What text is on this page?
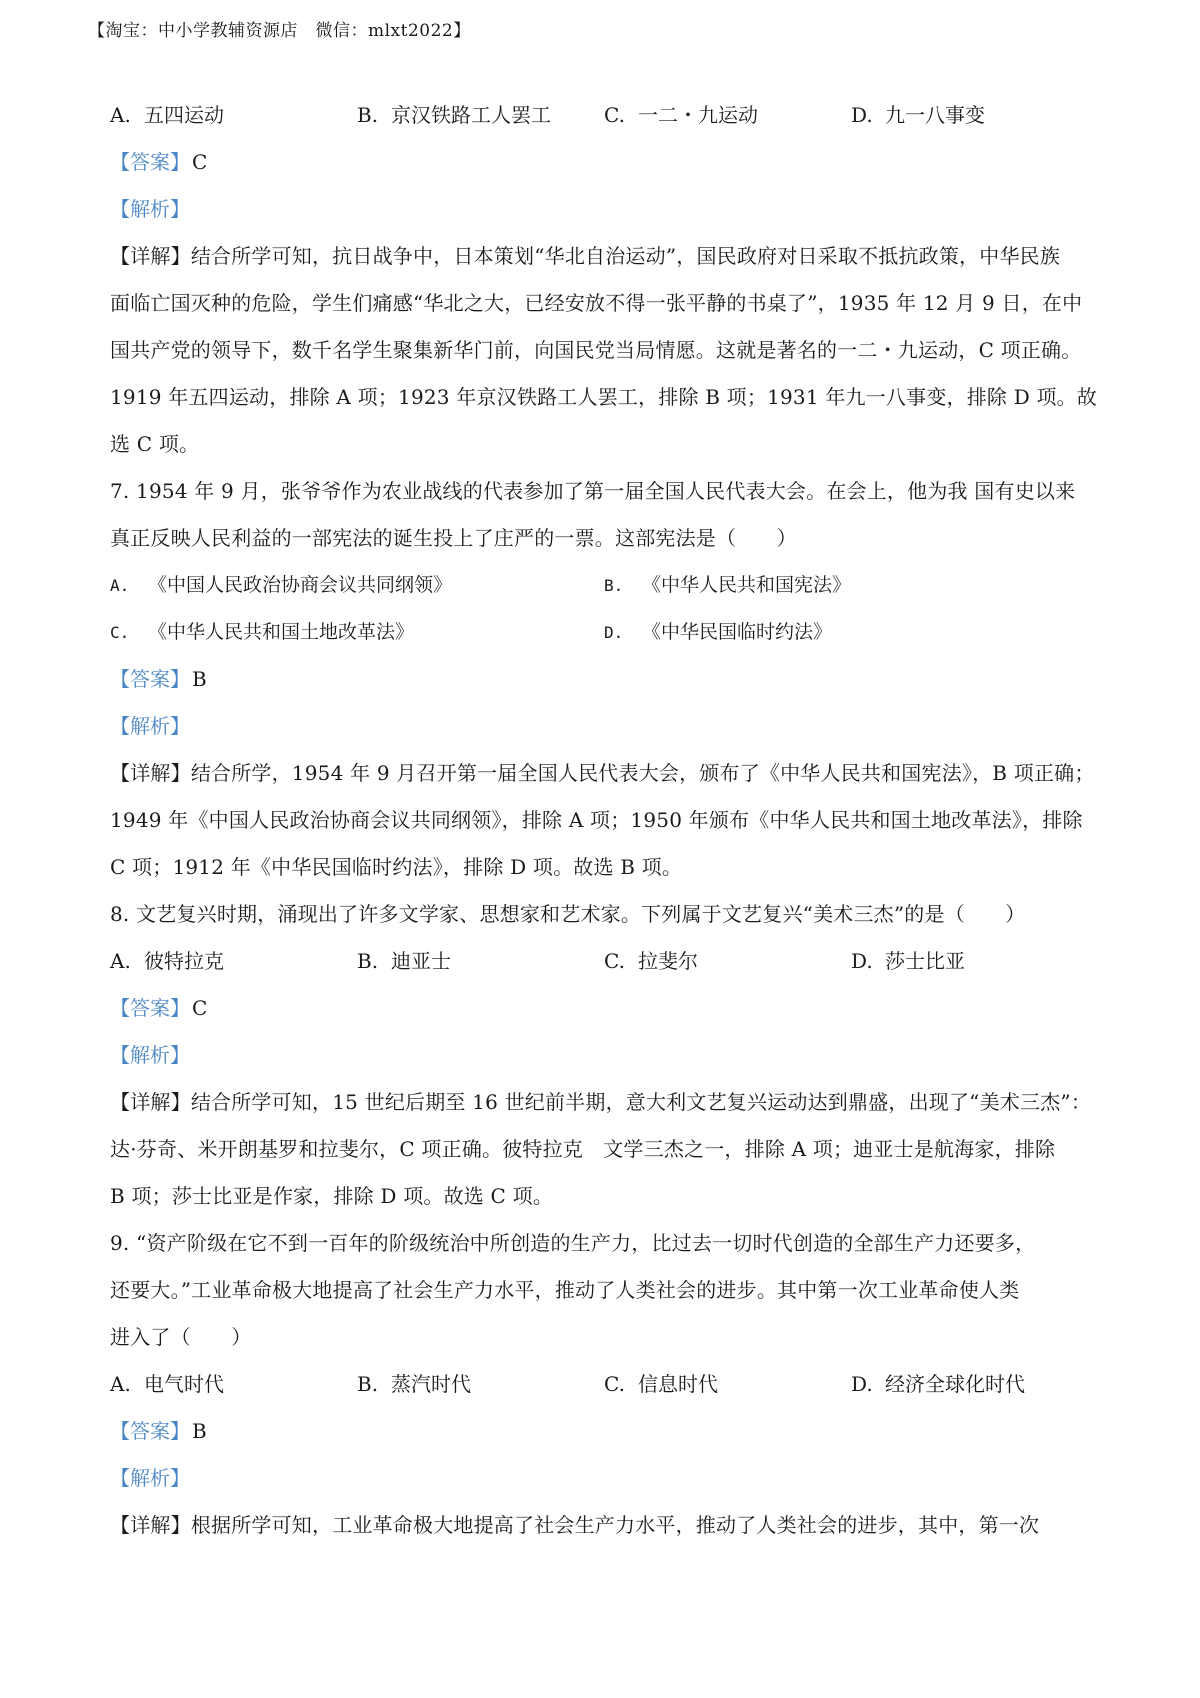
【淘宝：中小学教辅资源店　微信：mlxt2022】
A. 五四运动	B. 京汉铁路工人罢工	C. 一二・九运动	D. 九一八事变
【答案】 C
【解析】
【详解】结合所学可知，抗日战争中，日本策划“华北自治运动”，国民政府对日采取不抵抗政策，中华民族
面临亡国灭种的危险，学生们痛感“华北之大，已经安放不得一张平静的书桌了”，1935 年 12 月 9 日，在中
国共产党的领导下，数千名学生聚集新华门前，向国民党当局情愿。这就是著名的一二・九运动，C 项正确。
1919 年五四运动，排除 A 项；1923 年京汉铁路工人罢工，排除 B 项；1931 年九一八事变，排除 D 项。故
选 C 项。
7. 1954 年 9 月，张爷爷作为农业战线的代表参加了第一届全国人民代表大会。在会上，他为我 国有史以来
真正反映人民利益的一部宪法的诞生投上了庄严的一票。这部宪法是（　　）
A. 《中国人民政治协商会议共同纲领》	B. 《中华人民共和国宪法》
C. 《中华人民共和国土地改革法》	D. 《中华民国临时约法》
【答案】 B
【解析】
【详解】结合所学，1954 年 9 月召开第一届全国人民代表大会，颁布了《中华人民共和国宪法》，B 项正确；
1949 年《中国人民政治协商会议共同纲领》，排除 A 项；1950 年颁布《中华人民共和国土地改革法》，排除
C 项；1912 年《中华民国临时约法》，排除 D 项。故选 B 项。
8. 文艺复兴时期，涌现出了许多文学家、思想家和艺术家。下列属于文艺复兴“美术三杰”的是（　　）
A. 彼特拉克	B. 迪亚士	C. 拉斐尔	D. 莎士比亚
【答案】 C
【解析】
【详解】结合所学可知，15 世纪后期至 16 世纪前半期，意大利文艺复兴运动达到鼎盛，出现了“美术三杰”：
达·芬奇、米开朗基罗和拉斐尔，C 项正确。彼特拉克　文学三杰之一，排除 A 项；迪亚士是航海家，排除
B 项；莎士比亚是作家，排除 D 项。故选 C 项。
9. “资产阶级在它不到一百年的阶级统治中所创造的生产力，比过去一切时代创造的全部生产力还要多，
还要大。”工业革命极大地提高了社会生产力水平，推动了人类社会的进步。其中第一次工业革命使人类
进入了（　　）
A. 电气时代	B. 蒸汽时代	C. 信息时代	D. 经济全球化时代
【答案】 B
【解析】
【详解】根据所学可知，工业革命极大地提高了社会生产力水平，推动了人类社会的进步，其中，第一次
